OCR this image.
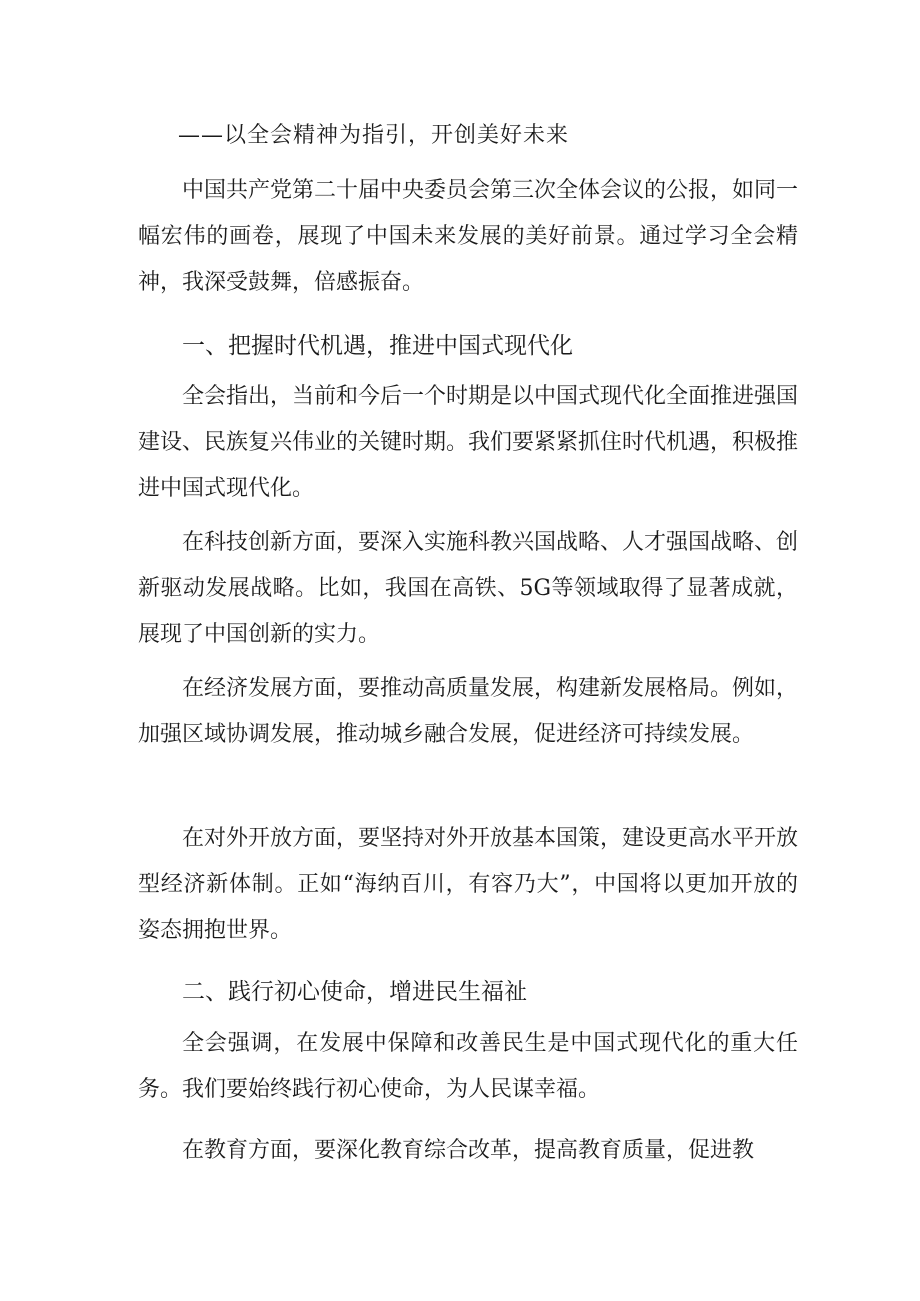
——以全会精神为指引，开创美好未来

中国共产党第二十届中央委员会第三次全体会议的公报，如同一幅宏伟的画卷，展现了中国未来发展的美好前景。通过学习全会精神，我深受鼓舞，倍感振奋。

一、把握时代机遇，推进中国式现代化

全会指出，当前和今后一个时期是以中国式现代化全面推进强国建设、民族复兴伟业的关键时期。我们要紧紧抓住时代机遇，积极推进中国式现代化。

在科技创新方面，要深入实施科教兴国战略、人才强国战略、创新驱动发展战略。比如，我国在高铁、5G等领域取得了显著成就，展现了中国创新的实力。

在经济发展方面，要推动高质量发展，构建新发展格局。例如，加强区域协调发展，推动城乡融合发展，促进经济可持续发展。

在对外开放方面，要坚持对外开放基本国策，建设更高水平开放型经济新体制。正如“海纳百川，有容乃大”，中国将以更加开放的姿态拥抱世界。

二、践行初心使命，增进民生福祉

全会强调，在发展中保障和改善民生是中国式现代化的重大任务。我们要始终践行初心使命，为人民谋幸福。

在教育方面，要深化教育综合改革，提高教育质量，促进教
